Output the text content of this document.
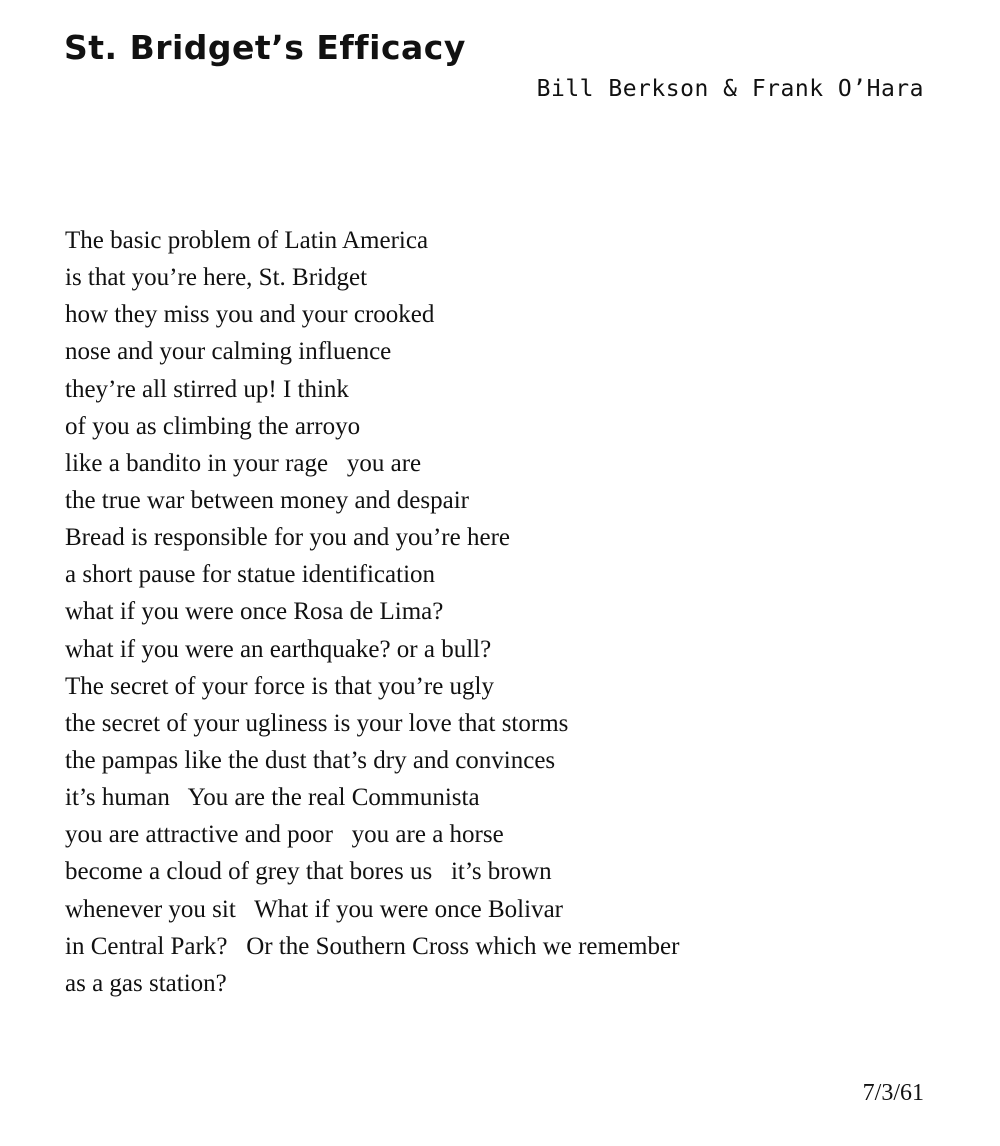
St. Bridget’s Efficacy
Bill Berkson & Frank O’Hara
The basic problem of Latin America
is that you’re here, St. Bridget
how they miss you and your crooked
nose and your calming influence
they’re all stirred up! I think
of you as climbing the arroyo
like a bandito in your rage   you are
the true war between money and despair
Bread is responsible for you and you’re here
a short pause for statue identification
what if you were once Rosa de Lima?
what if you were an earthquake? or a bull?
The secret of your force is that you’re ugly
the secret of your ugliness is your love that storms
the pampas like the dust that’s dry and convinces
it’s human   You are the real Communista
you are attractive and poor   you are a horse
become a cloud of grey that bores us   it’s brown
whenever you sit   What if you were once Bolivar
in Central Park?   Or the Southern Cross which we remember
as a gas station?
7/3/61
